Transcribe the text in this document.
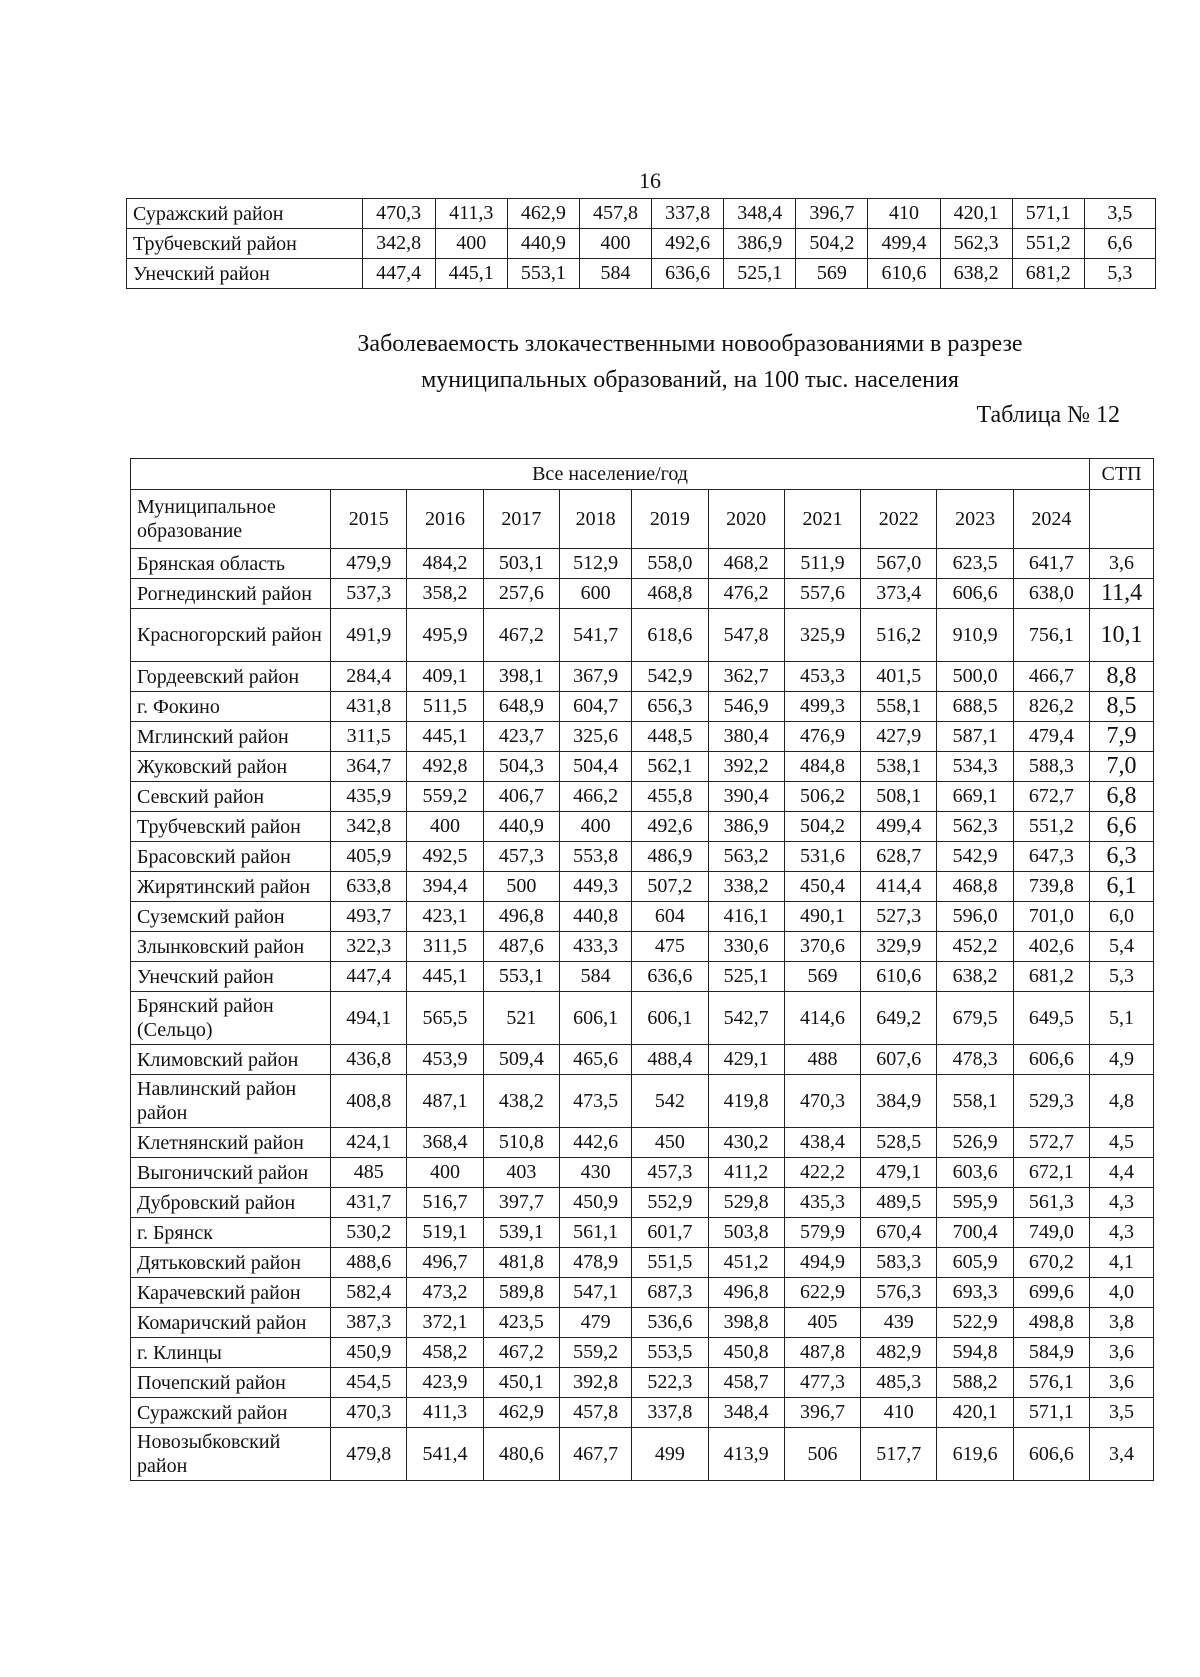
16
Суражский район	470,3	411,3	462,9	457,8	337,8	348,4	396,7	410	420,1	571,1	3,5
Трубчевский район	342,8	400	440,9	400	492,6	386,9	504,2	499,4	562,3	551,2	6,6
Унечский район	447,4	445,1	553,1	584	636,6	525,1	569	610,6	638,2	681,2	5,3
Заболеваемость злокачественными новообразованиями в разрезе
муниципальных образований, на 100 тыс. населения
Таблица № 12
Все население/год											СТП
Муниципальное образование	2015	2016	2017	2018	2019	2020	2021	2022	2023	2024	
Брянская область	479,9	484,2	503,1	512,9	558,0	468,2	511,9	567,0	623,5	641,7	3,6
Рогнединский район	537,3	358,2	257,6	600	468,8	476,2	557,6	373,4	606,6	638,0	11,4
Красногорский район	491,9	495,9	467,2	541,7	618,6	547,8	325,9	516,2	910,9	756,1	10,1
Гордеевский район	284,4	409,1	398,1	367,9	542,9	362,7	453,3	401,5	500,0	466,7	8,8
г. Фокино	431,8	511,5	648,9	604,7	656,3	546,9	499,3	558,1	688,5	826,2	8,5
Мглинский район	311,5	445,1	423,7	325,6	448,5	380,4	476,9	427,9	587,1	479,4	7,9
Жуковский район	364,7	492,8	504,3	504,4	562,1	392,2	484,8	538,1	534,3	588,3	7,0
Севский район	435,9	559,2	406,7	466,2	455,8	390,4	506,2	508,1	669,1	672,7	6,8
Трубчевский район	342,8	400	440,9	400	492,6	386,9	504,2	499,4	562,3	551,2	6,6
Брасовский район	405,9	492,5	457,3	553,8	486,9	563,2	531,6	628,7	542,9	647,3	6,3
Жирятинский район	633,8	394,4	500	449,3	507,2	338,2	450,4	414,4	468,8	739,8	6,1
Суземский район	493,7	423,1	496,8	440,8	604	416,1	490,1	527,3	596,0	701,0	6,0
Злынковский район	322,3	311,5	487,6	433,3	475	330,6	370,6	329,9	452,2	402,6	5,4
Унечский район	447,4	445,1	553,1	584	636,6	525,1	569	610,6	638,2	681,2	5,3
Брянский район (Сельцо)	494,1	565,5	521	606,1	606,1	542,7	414,6	649,2	679,5	649,5	5,1
Климовский район	436,8	453,9	509,4	465,6	488,4	429,1	488	607,6	478,3	606,6	4,9
Навлинский район район	408,8	487,1	438,2	473,5	542	419,8	470,3	384,9	558,1	529,3	4,8
Клетнянский район	424,1	368,4	510,8	442,6	450	430,2	438,4	528,5	526,9	572,7	4,5
Выгоничский район	485	400	403	430	457,3	411,2	422,2	479,1	603,6	672,1	4,4
Дубровский район	431,7	516,7	397,7	450,9	552,9	529,8	435,3	489,5	595,9	561,3	4,3
г. Брянск	530,2	519,1	539,1	561,1	601,7	503,8	579,9	670,4	700,4	749,0	4,3
Дятьковский район	488,6	496,7	481,8	478,9	551,5	451,2	494,9	583,3	605,9	670,2	4,1
Карачевский район	582,4	473,2	589,8	547,1	687,3	496,8	622,9	576,3	693,3	699,6	4,0
Комаричский район	387,3	372,1	423,5	479	536,6	398,8	405	439	522,9	498,8	3,8
г. Клинцы	450,9	458,2	467,2	559,2	553,5	450,8	487,8	482,9	594,8	584,9	3,6
Почепский район	454,5	423,9	450,1	392,8	522,3	458,7	477,3	485,3	588,2	576,1	3,6
Суражский район	470,3	411,3	462,9	457,8	337,8	348,4	396,7	410	420,1	571,1	3,5
Новозыбковский район	479,8	541,4	480,6	467,7	499	413,9	506	517,7	619,6	606,6	3,4
